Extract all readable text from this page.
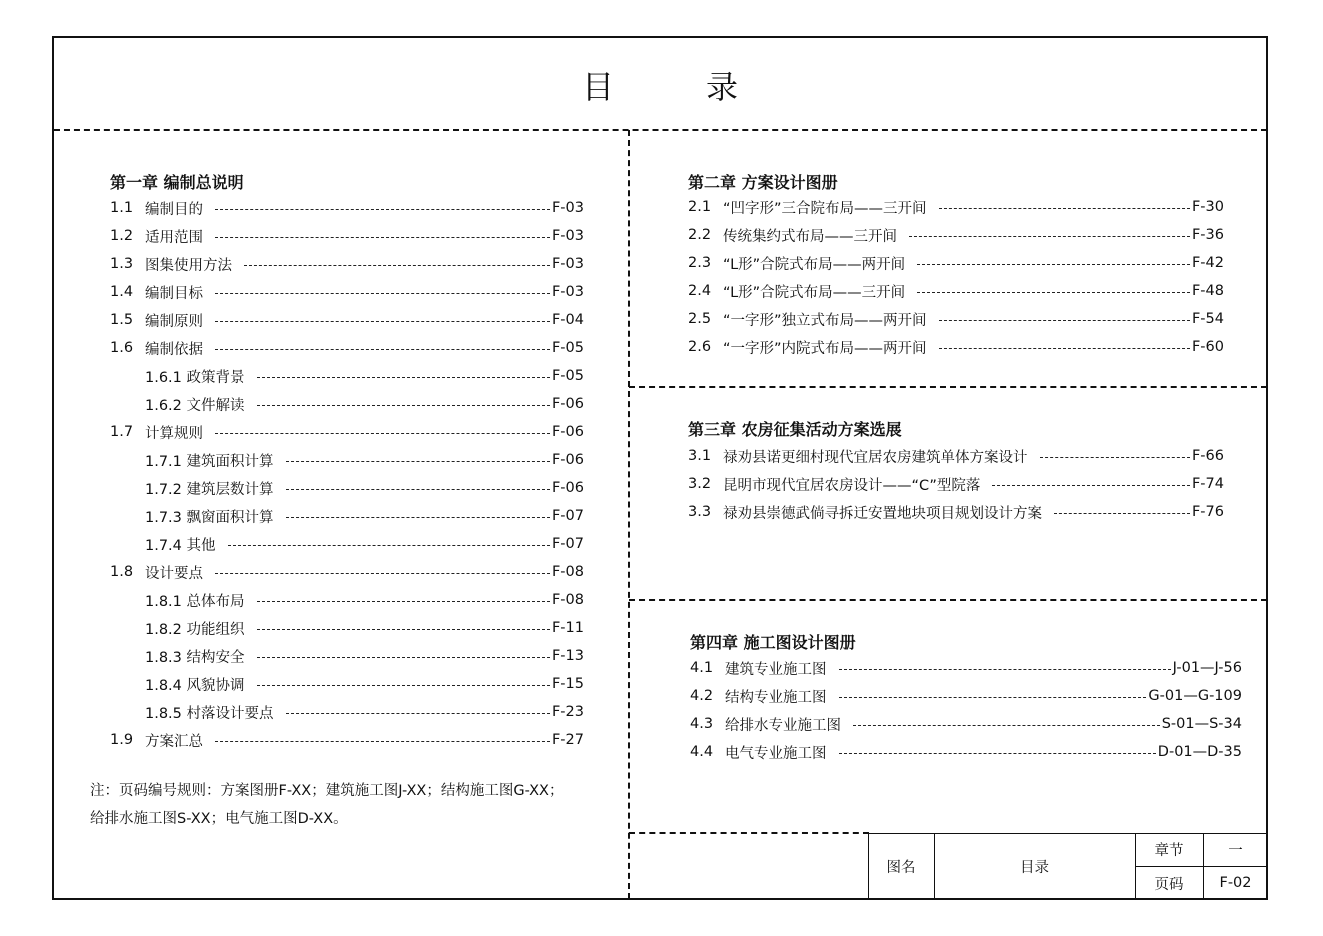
目　录
第一章 编制总说明
1.1 编制目的	F-03
1.2 适用范围	F-03
1.3 图集使用方法	F-03
1.4 编制目标	F-03
1.5 编制原则	F-04
1.6 编制依据	F-05
1.6.1 政策背景	F-05
1.6.2 文件解读	F-06
1.7 计算规则	F-06
1.7.1 建筑面积计算	F-06
1.7.2 建筑层数计算	F-06
1.7.3 飘窗面积计算	F-07
1.7.4 其他	F-07
1.8 设计要点	F-08
1.8.1 总体布局	F-08
1.8.2 功能组织	F-11
1.8.3 结构安全	F-13
1.8.4 风貌协调	F-15
1.8.5 村落设计要点	F-23
1.9 方案汇总	F-27
注：页码编号规则：方案图册F-XX；建筑施工图J-XX；结构施工图G-XX；
给排水施工图S-XX；电气施工图D-XX。
第二章 方案设计图册
2.1 “凹字形”三合院布局——三开间	F-30
2.2 传统集约式布局——三开间	F-36
2.3 “L形”合院式布局——两开间	F-42
2.4 “L形”合院式布局——三开间	F-48
2.5 “一字形”独立式布局——两开间	F-54
2.6 “一字形”内院式布局——两开间	F-60
第三章 农房征集活动方案选展
3.1 禄劝县诺更细村现代宜居农房建筑单体方案设计	F-66
3.2 昆明市现代宜居农房设计——“C”型院落	F-74
3.3 禄劝县崇德武倘寻拆迁安置地块项目规划设计方案	F-76
第四章 施工图设计图册
4.1 建筑专业施工图	J-01—J-56
4.2 结构专业施工图	G-01—G-109
4.3 给排水专业施工图	S-01—S-34
4.4 电气专业施工图	D-01—D-35
图名	目录
章节	一
页码	F-02
